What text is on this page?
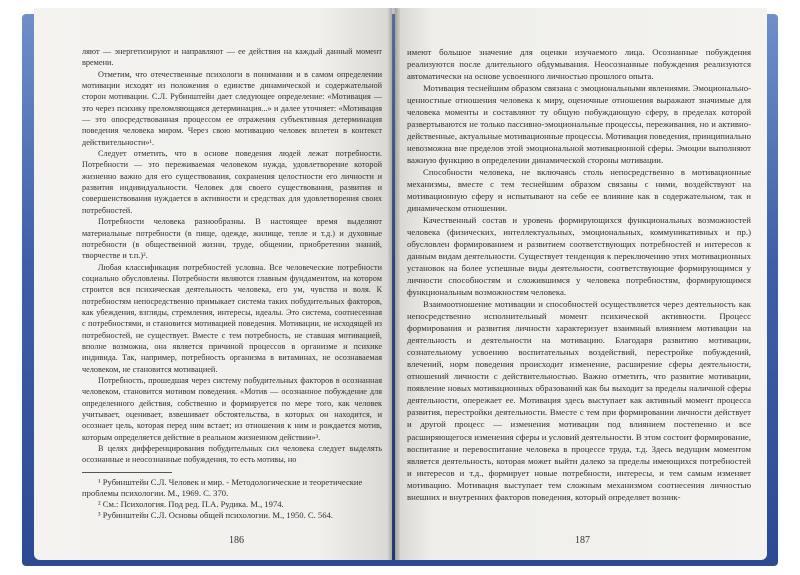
ляют — энергетизируют и направляют — ее действия на каждый данный момент времени.

Отметим, что отечественные психологи в понимании и в самом определении мотивации исходят из положения о единстве динамической и содержательной сторон мотивации. С.Л. Рубинштейн дает следующее определение: «Мотивация — это через психику преломляющаяся детерминация...» и далее уточняет: «Мотивация — это опосредствованная процессом ее отражения субъективная детерминация поведения человека миром. Через свою мотивацию человек вплетен в контекст действительности»¹.

Следует отметить, что в основе поведения людей лежат потребности. Потребности — это переживаемая человеком нужда, удовлетворение которой жизненно важно для его существования, сохранения целостности его личности и развития индивидуальности. Человек для своего существования, развития и совершенствования нуждается в активности и средствах для удовлетворения своих потребностей.

Потребности человека разнообразны. В настоящее время выделяют материальные потребности (в пище, одежде, жилище, тепле и т.д.) и духовные потребности (в общественной жизни, труде, общении, приобретении знаний, творчестве и т.п.)².

Любая классификация потребностей условна. Все человеческие потребности социально обусловлены. Потребности являются главным фундаментом, на котором строится вся психическая деятельность человека, его ум, чувства и воля. К потребностям непосредственно примыкает система таких побудительных факторов, как убеждения, взгляды, стремления, интересы, идеалы. Это система, соотнесенная с потребностями, и становится мотивацией поведения. Мотивации, не исходящей из потребностей, не существует. Вместе с тем потребность, не ставшая мотивацией, вполне возможна, она является причиной процессов в организме и психике индивида. Так, например, потребность организма в витаминах, не осознаваемая человеком, не становится мотивацией.

Потребность, прошедшая через систему побудительных факторов в осознанная человеком, становится мотивом поведения. «Мотив — осознанное побуждение для определенного действия, собственно и формируется по мере того, как человек учитывает, оценивает, взвешивает обстоятельства, в которых он находится, и осознает цель, которая перед ним встает; из отношения к ним и рождается мотив, которым определяется действие в реальном жизненном действии»³.

В целях дифференцирования побудительных сил человека следует выделять осознанные и неосознанные побуждения, то есть мотивы, но

¹ Рубинштейн С.Л. Человек и мир. - Методологические и теоретические проблемы психологии. М., 1969. С. 370.

² См.: Психология. Под ред. П.А. Рудика. М., 1974.

³ Рубинштейн С.Л. Основы общей психологии. М., 1950. С. 564.

186

имеют большое значение для оценки изучаемого лица. Осознанные побуждения реализуются после длительного обдумывания. Неосознанные побуждения реализуются автоматически на основе усвоенного личностью прошлого опыта.

Мотивация теснейшим образом связана с эмоциональными явлениями. Эмоционально-ценностные отношения человека к миру, оценочные отношения выражают значимые для человека моменты и составляют ту общую побуждающую сферу, в пределах которой развертываются не только пассивно-эмоциональные процессы, переживания, но и активно-действенные, актуальные мотивационные процессы. Мотивация поведения, принципиально невозможна вне пределов этой эмоциональной мотивационной сферы. Эмоции выполняют важную функцию в определении динамической стороны мотивации.

Способности человека, не включаясь столь непосредственно в мотивационные механизмы, вместе с тем теснейшим образом связаны с ними, воздействуют на мотивационную сферу и испытывают на себе ее влияние как в содержательном, так и динамическом отношении.

Качественный состав и уровень формирующихся функциональных возможностей человека (физических, интеллектуальных, эмоциональных, коммуникативных и пр.) обусловлен формированием и развитием соответствующих потребностей и интересов к данным видам деятельности. Существует тенденция к переключению этих мотивационных установок на более успешные виды деятельности, соответствующие формирующимся у личности способностям и сложившимся у человека потребностям, формирующимся функциональным возможностям человека.

Взаимоотношение мотивации и способностей осуществляется через деятельность как непосредственно исполнительный момент психической активности. Процесс формирования и развития личности характеризует взаимный влиянием мотивации на деятельность и деятельности на мотивацию. Благодаря развитию мотивации, сознательному усвоению воспитательных воздействий, перестройке побуждений, влечений, норм поведения происходит изменение, расширение сферы деятельности, отношений личности с действительностью. Важно отметить, что развитие мотивации, появление новых мотивационных образований как бы выходит за пределы наличной сферы деятельности, опережает ее. Мотивация здесь выступает как активный момент процесса развития, перестройки деятельности. Вместе с тем при формировании личности действует и другой процесс — изменения мотивации под влиянием постепенно и все расширяющегося изменения сферы и условий деятельности. В этом состоит формирование, воспитание и перевоспитание человека в процессе труда, т.д. Здесь ведущим моментом является деятельность, которая может выйти далеко за пределы имеющихся потребностей и интересов и т.д., формирует новые потребности, интересы, и тем самым изменяет мотивацию. Мотивация выступает тем сложным механизмом соотнесения личностью внешних и внутренних факторов поведения, который определяет возник-

187
